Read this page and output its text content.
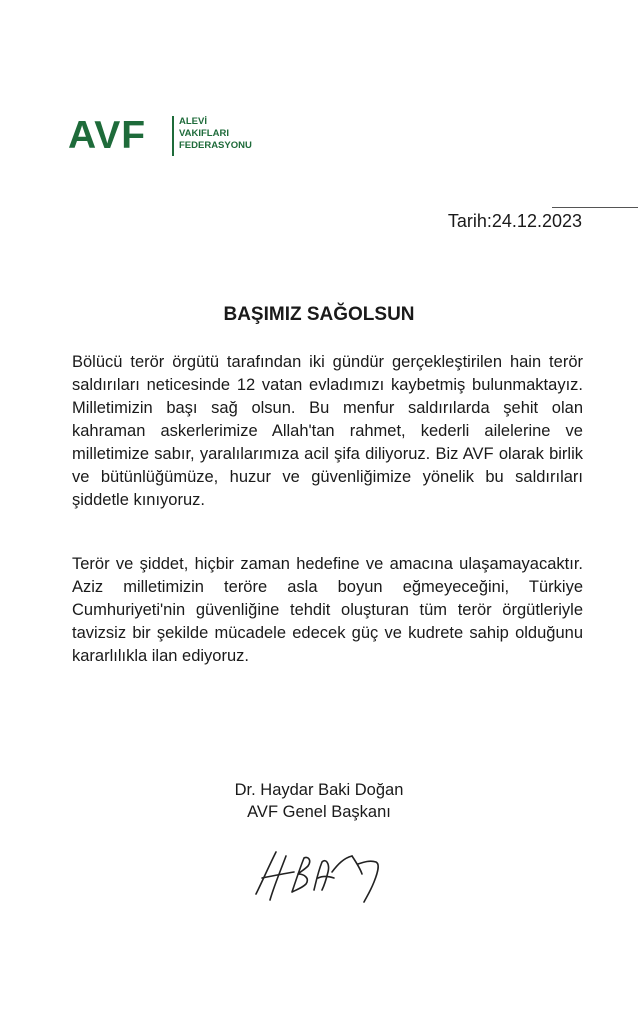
AVF	ALEVİ
VAKIFLARI
FEDERASYONU
Tarih:24.12.2023
BAŞIMIZ SAĞOLSUN
Bölücü terör örgütü tarafından iki gündür gerçekleştirilen hain terör saldırıları neticesinde 12 vatan evladımızı kaybetmiş bulunmaktayız. Milletimizin başı sağ olsun. Bu menfur saldırılarda şehit olan kahraman askerlerimize Allah'tan rahmet, kederli ailelerine ve milletimize sabır, yaralılarımıza acil şifa diliyoruz. Biz AVF olarak birlik ve bütünlüğümüze, huzur ve güvenliğimize yönelik bu saldırıları şiddetle kınıyoruz.
Terör ve şiddet, hiçbir zaman hedefine ve amacına ulaşamayacaktır. Aziz milletimizin teröre asla boyun eğmeyeceğini, Türkiye Cumhuriyeti'nin güvenliğine tehdit oluşturan tüm terör örgütleriyle tavizsiz bir şekilde mücadele edecek güç ve kudrete sahip olduğunu kararlılıkla ilan ediyoruz.
Dr. Haydar Baki Doğan
AVF Genel Başkanı
